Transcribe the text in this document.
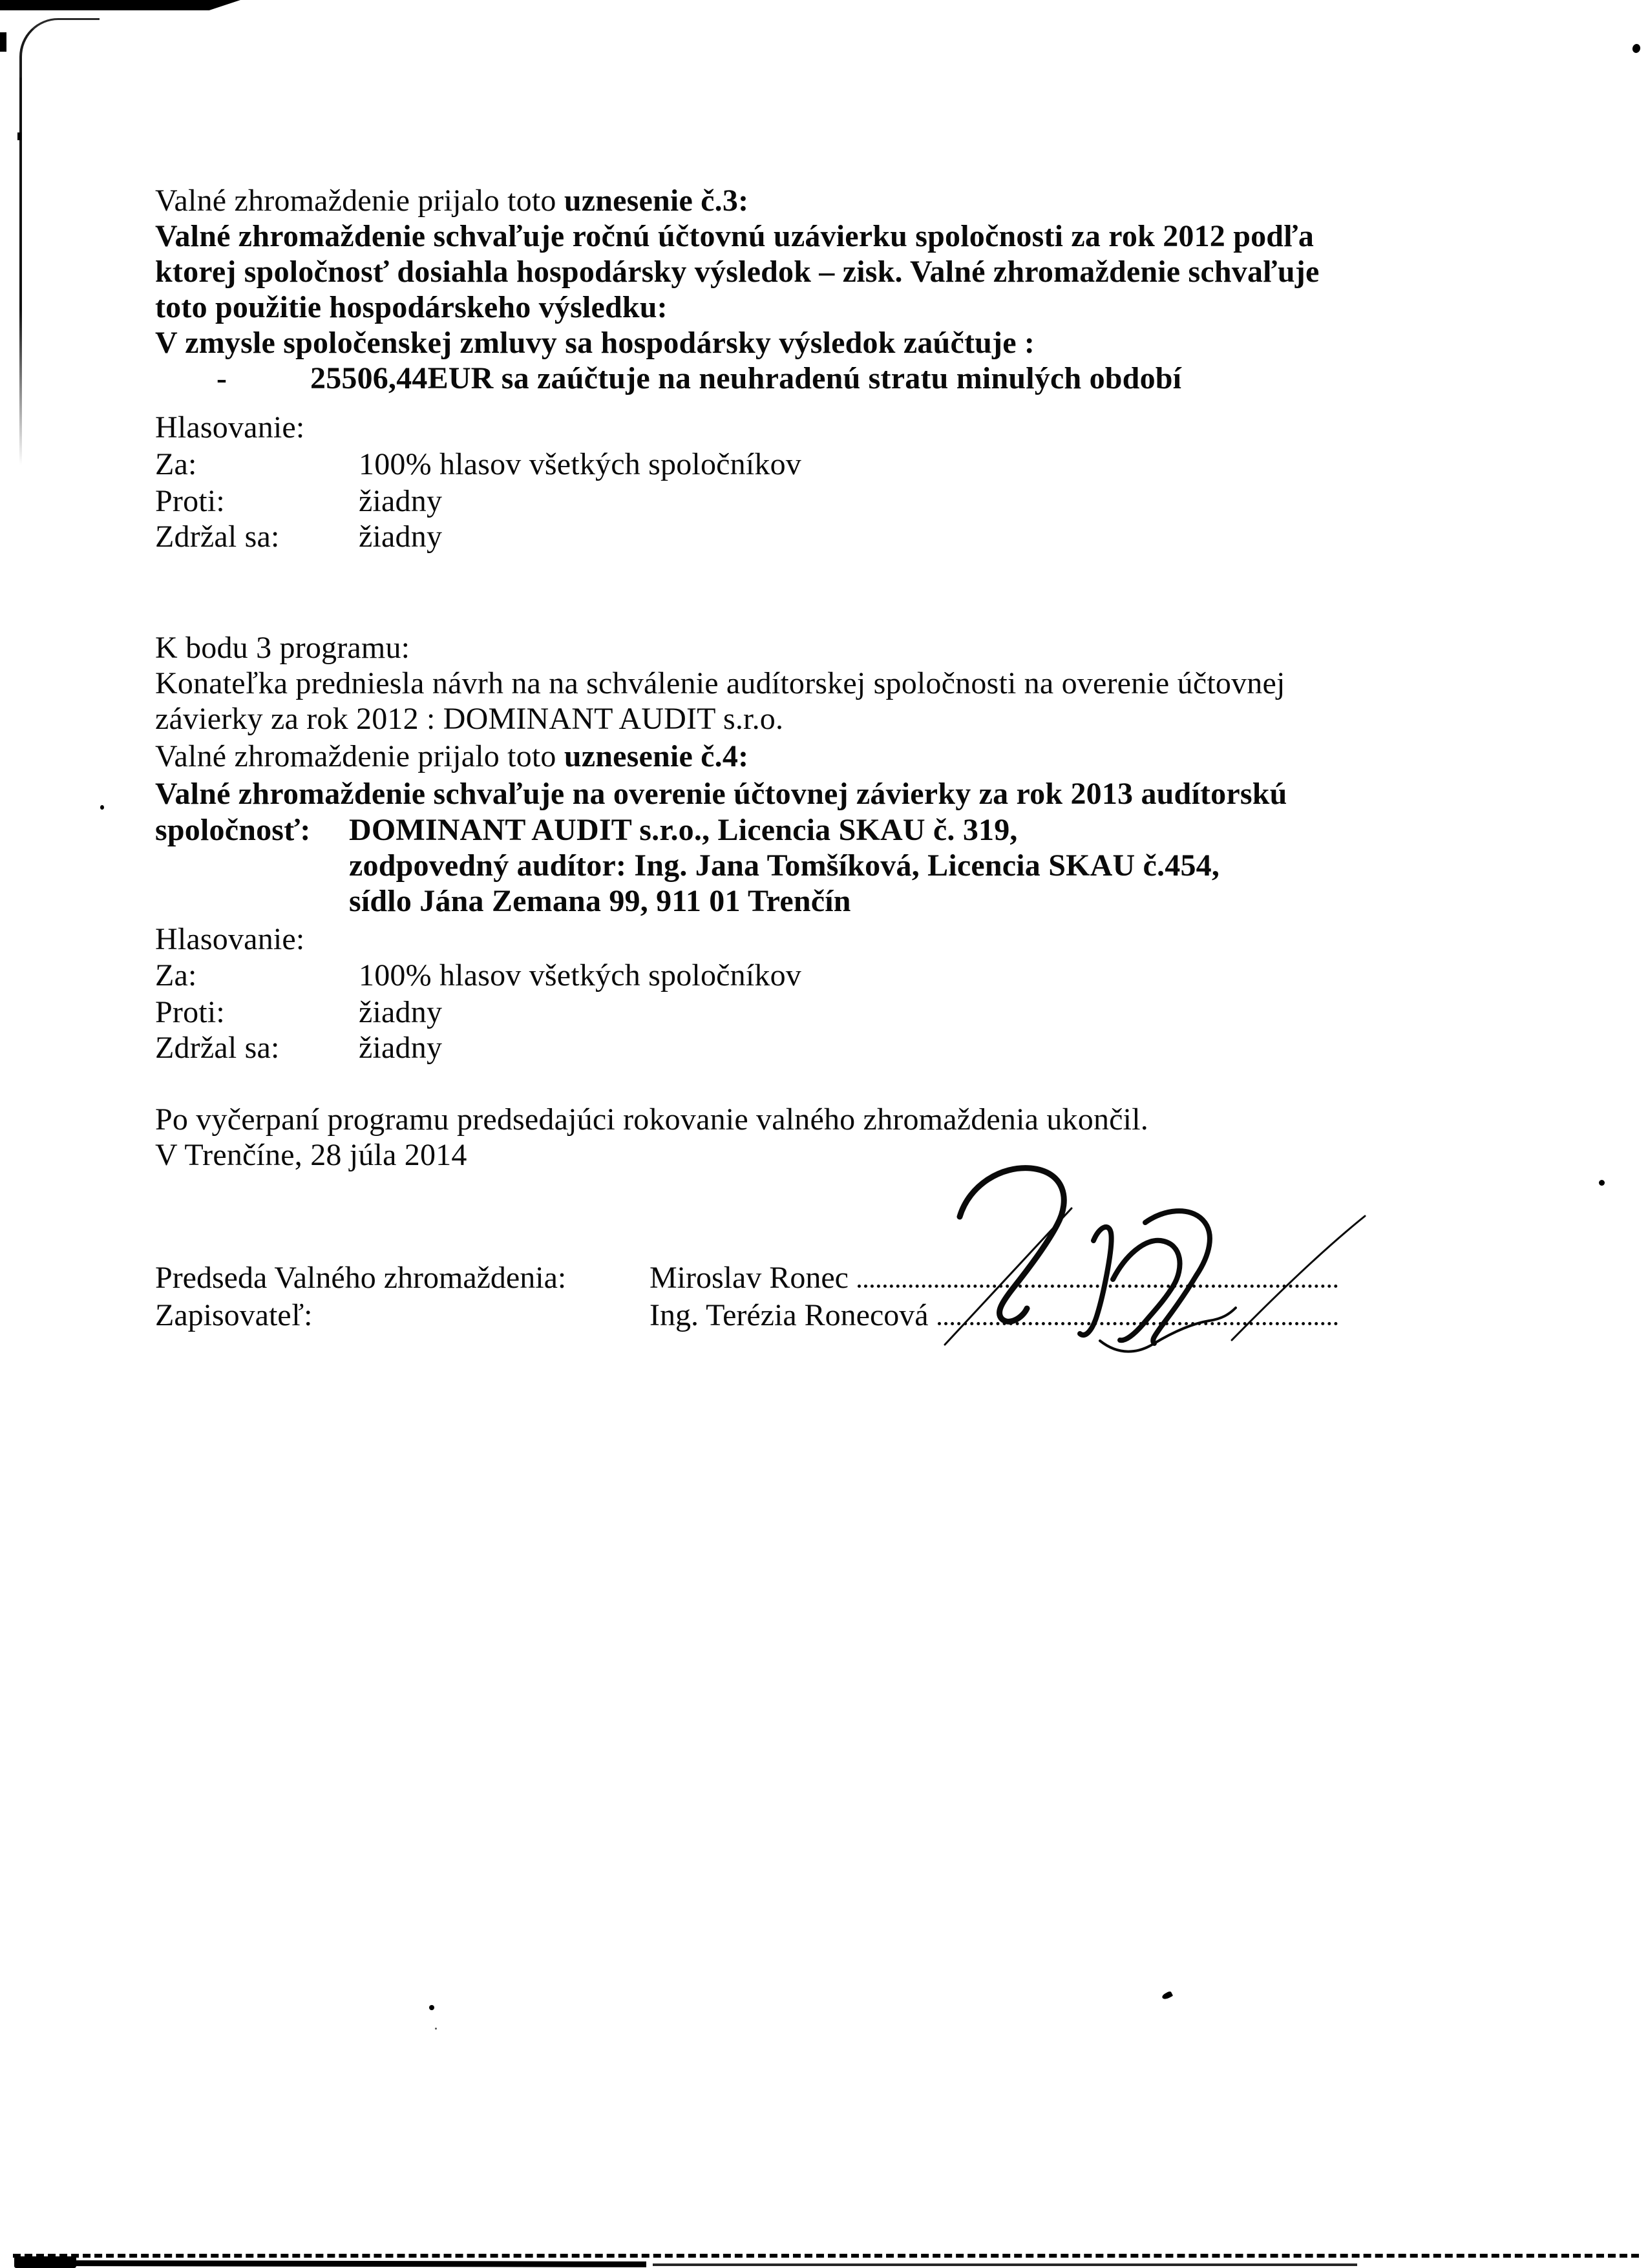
Valné zhromaždenie prijalo toto uznesenie č.3:
Valné zhromaždenie schvaľuje ročnú účtovnú uzávierku spoločnosti za rok 2012 podľa
ktorej spoločnosť dosiahla hospodársky výsledok – zisk. Valné zhromaždenie schvaľuje
toto použitie hospodárskeho výsledku:
V zmysle spoločenskej zmluvy sa hospodársky výsledok zaúčtuje :
-	25506,44EUR sa zaúčtuje na neuhradenú stratu minulých období
Hlasovanie:
Za:	100% hlasov všetkých spoločníkov
Proti:	žiadny
Zdržal sa:	žiadny
K bodu 3 programu:
Konateľka predniesla návrh na na schválenie audítorskej spoločnosti na overenie účtovnej
závierky za rok 2012 : DOMINANT AUDIT s.r.o.
Valné zhromaždenie prijalo toto uznesenie č.4:
Valné zhromaždenie schvaľuje na overenie účtovnej závierky za rok 2013 audítorskú
spoločnosť: DOMINANT AUDIT s.r.o., Licencia SKAU č. 319,
zodpovedný audítor: Ing. Jana Tomšíková, Licencia SKAU č.454,
sídlo Jána Zemana 99, 911 01 Trenčín
Hlasovanie:
Za:	100% hlasov všetkých spoločníkov
Proti:	žiadny
Zdržal sa:	žiadny
Po vyčerpaní programu predsedajúci rokovanie valného zhromaždenia ukončil.
V Trenčíne, 28 júla 2014
Predseda Valného zhromaždenia:	Miroslav Ronec
Zapisovateľ:	Ing. Terézia Ronecová
